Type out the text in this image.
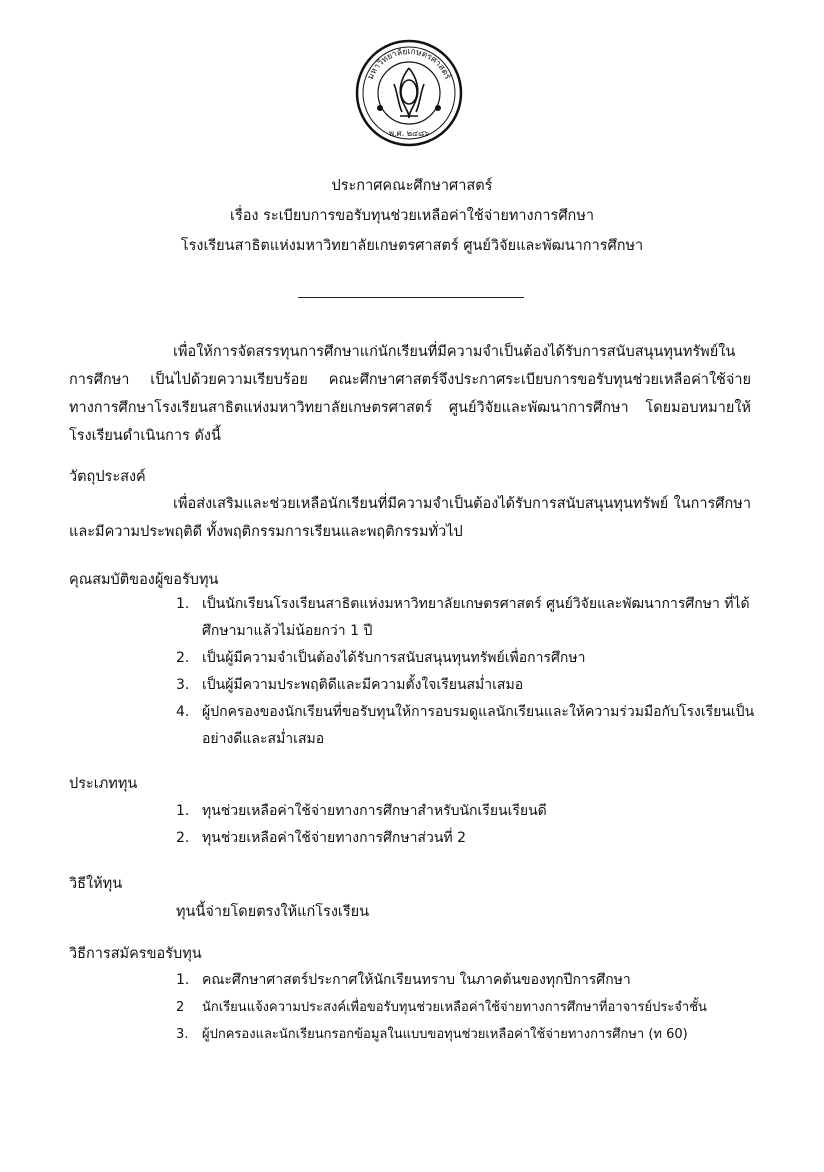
มหาวิทยาลัยเกษตรศาสตร์
พ.ศ. ๒๔๘๖
ประกาศคณะศึกษาศาสตร์
เรื่อง ระเบียบการขอรับทุนช่วยเหลือค่าใช้จ่ายทางการศึกษา
โรงเรียนสาธิตแห่งมหาวิทยาลัยเกษตรศาสตร์ ศูนย์วิจัยและพัฒนาการศึกษา
เพื่อให้การจัดสรรทุนการศึกษาแก่นักเรียนที่มีความจำเป็นต้องได้รับการสนับสนุนทุนทรัพย์ในการศึกษา เป็นไปด้วยความเรียบร้อย คณะศึกษาศาสตร์จึงประกาศระเบียบการขอรับทุนช่วยเหลือค่าใช้จ่ายทางการศึกษาโรงเรียนสาธิตแห่งมหาวิทยาลัยเกษตรศาสตร์ ศูนย์วิจัยและพัฒนาการศึกษา โดยมอบหมายให้โรงเรียนดำเนินการ ดังนี้
วัตถุประสงค์
เพื่อส่งเสริมและช่วยเหลือนักเรียนที่มีความจำเป็นต้องได้รับการสนับสนุนทุนทรัพย์ ในการศึกษาและมีความประพฤติดี ทั้งพฤติกรรมการเรียนและพฤติกรรมทั่วไป
คุณสมบัติของผู้ขอรับทุน
1. เป็นนักเรียนโรงเรียนสาธิตแห่งมหาวิทยาลัยเกษตรศาสตร์ ศูนย์วิจัยและพัฒนาการศึกษา ที่ได้ศึกษามาแล้วไม่น้อยกว่า 1 ปี
2. เป็นผู้มีความจำเป็นต้องได้รับการสนับสนุนทุนทรัพย์เพื่อการศึกษา
3. เป็นผู้มีความประพฤติดีและมีความตั้งใจเรียนสม่ำเสมอ
4. ผู้ปกครองของนักเรียนที่ขอรับทุนให้การอบรมดูแลนักเรียนและให้ความร่วมมือกับโรงเรียนเป็นอย่างดีและสม่ำเสมอ
ประเภททุน
1. ทุนช่วยเหลือค่าใช้จ่ายทางการศึกษาสำหรับนักเรียนเรียนดี
2. ทุนช่วยเหลือค่าใช้จ่ายทางการศึกษาส่วนที่ 2
วิธีให้ทุน
ทุนนี้จ่ายโดยตรงให้แก่โรงเรียน
วิธีการสมัครขอรับทุน
1. คณะศึกษาศาสตร์ประกาศให้นักเรียนทราบ ในภาคต้นของทุกปีการศึกษา
2	นักเรียนแจ้งความประสงค์เพื่อขอรับทุนช่วยเหลือค่าใช้จ่ายทางการศึกษาที่อาจารย์ประจำชั้น
3.	ผู้ปกครองและนักเรียนกรอกข้อมูลในแบบขอทุนช่วยเหลือค่าใช้จ่ายทางการศึกษา (ท 60)
